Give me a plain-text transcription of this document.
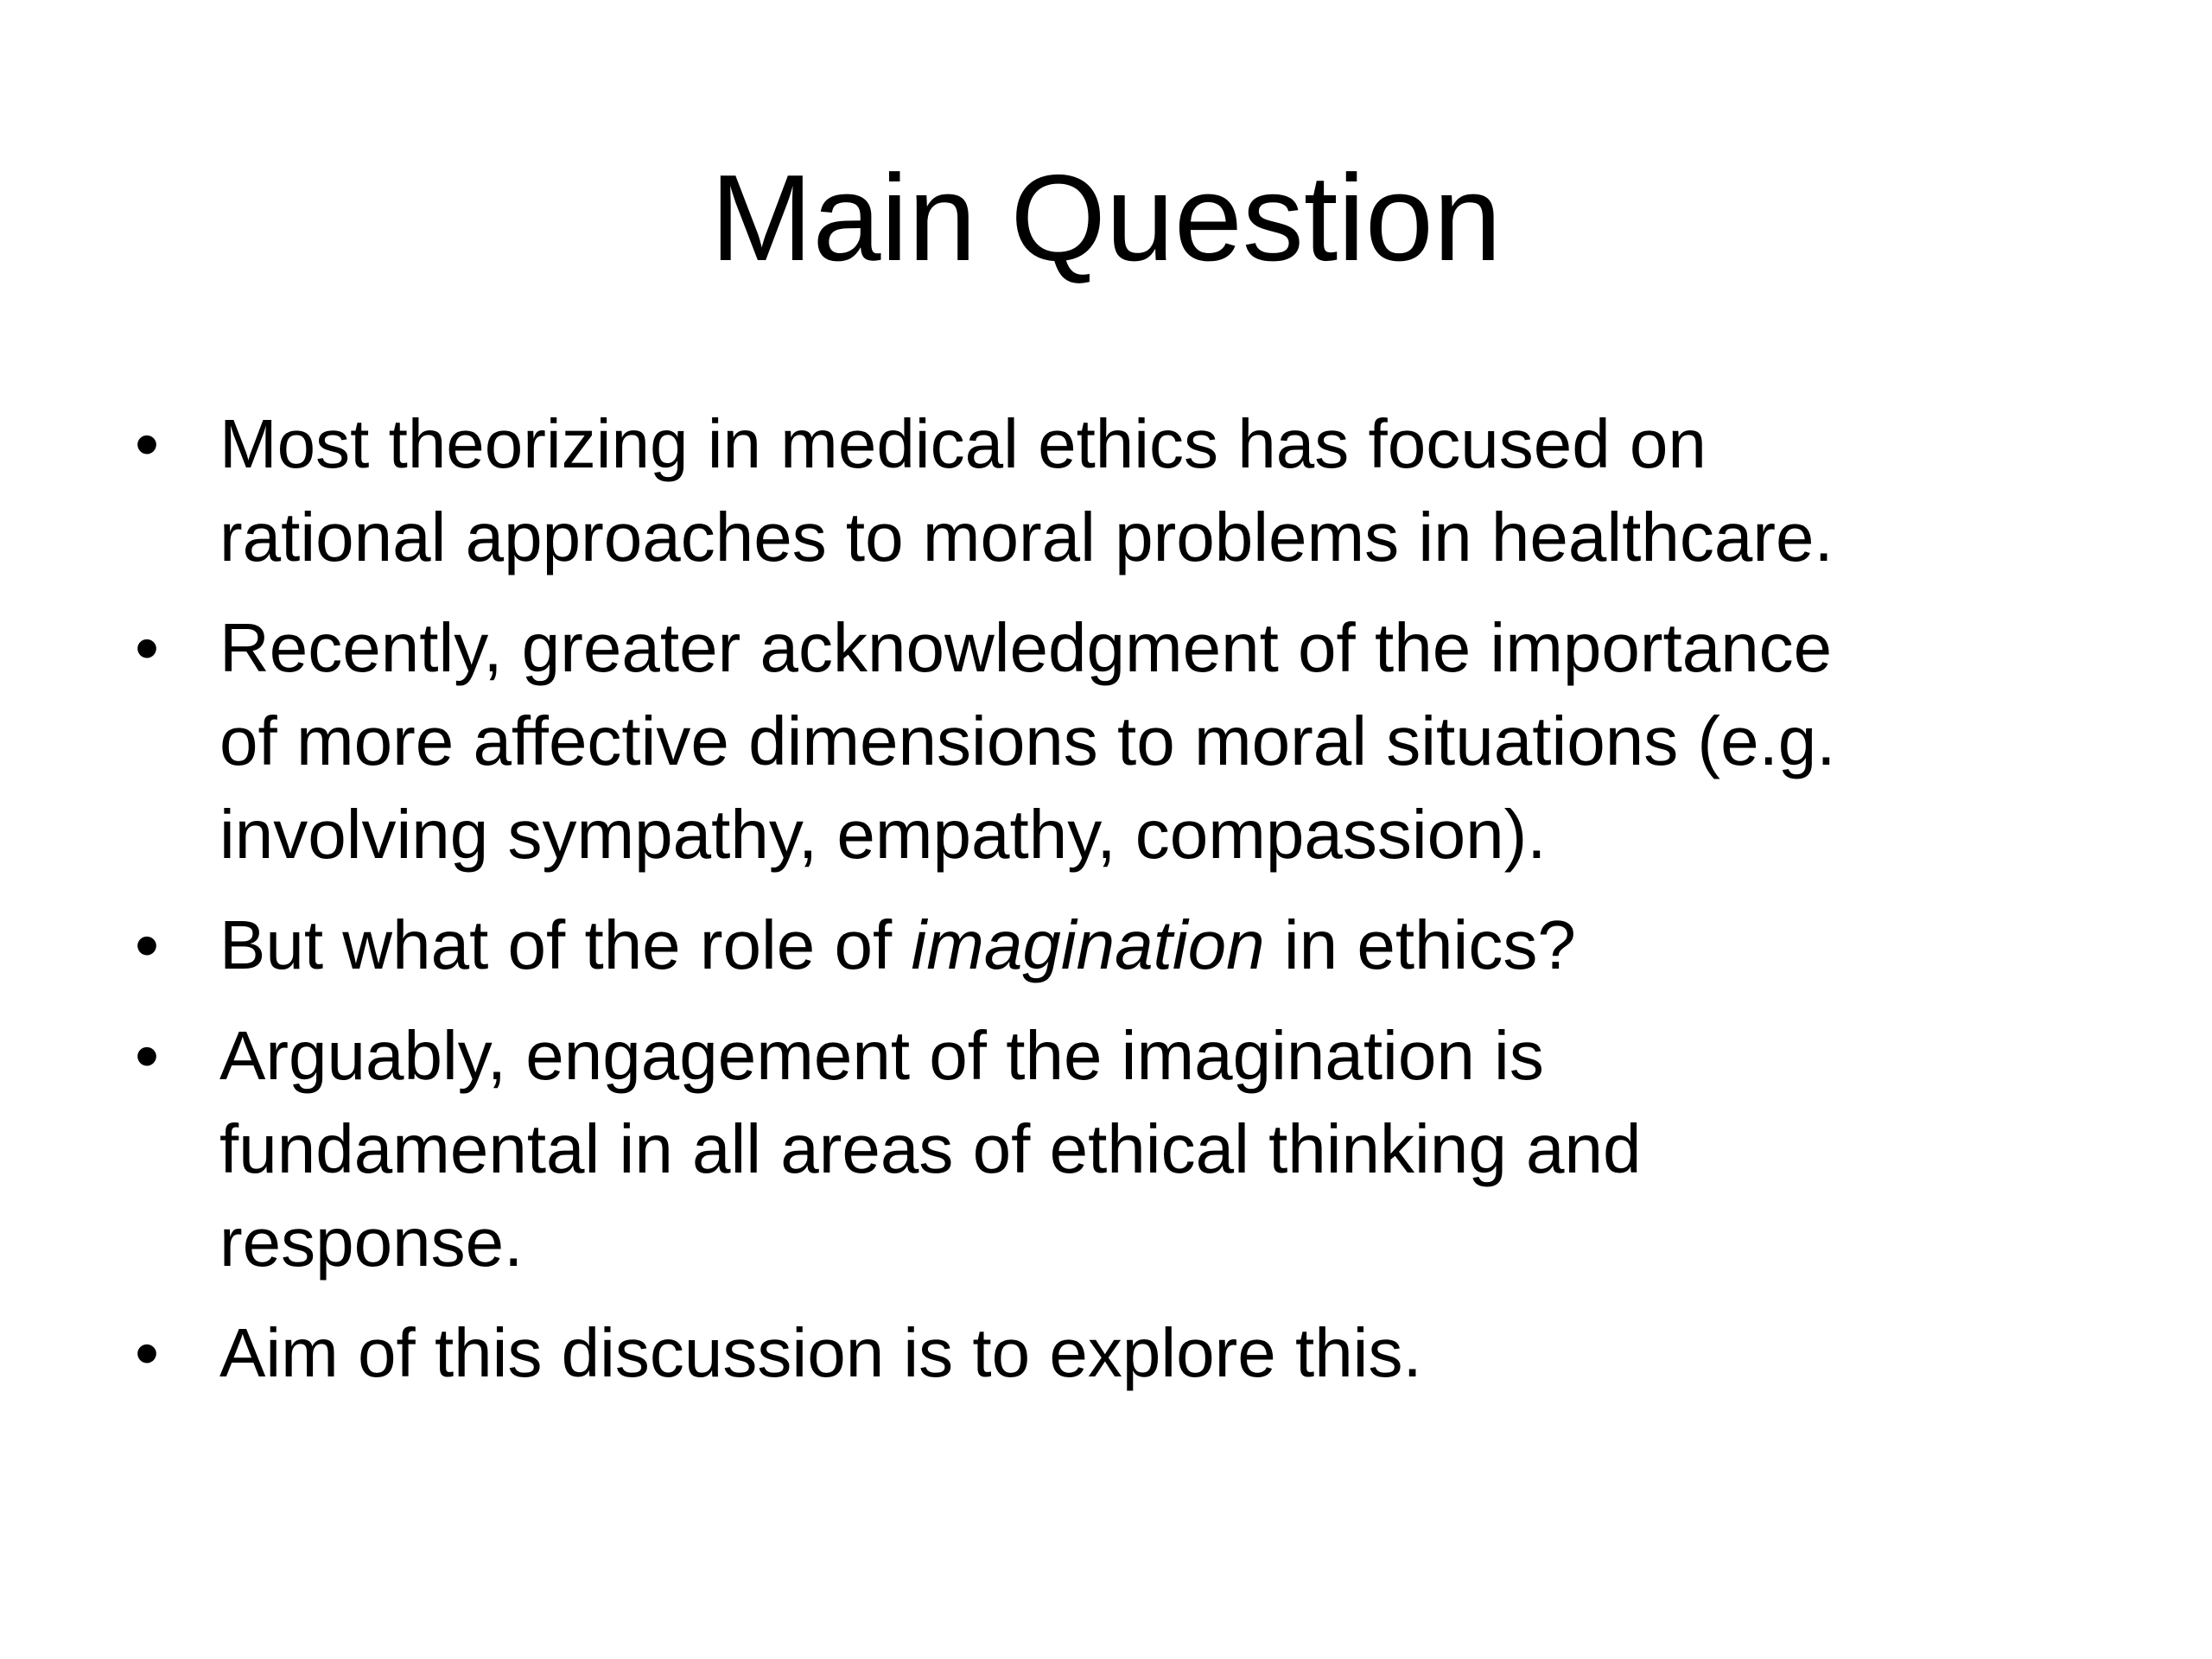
Main Question
• Most theorizing in medical ethics has focused on
rational approaches to moral problems in healthcare.
• Recently, greater acknowledgment of the importance
of more affective dimensions to moral situations (e.g.
involving sympathy, empathy, compassion).
• But what of the role of imagination in ethics?
• Arguably, engagement of the imagination is
fundamental in all areas of ethical thinking and
response.
• Aim of this discussion is to explore this.
